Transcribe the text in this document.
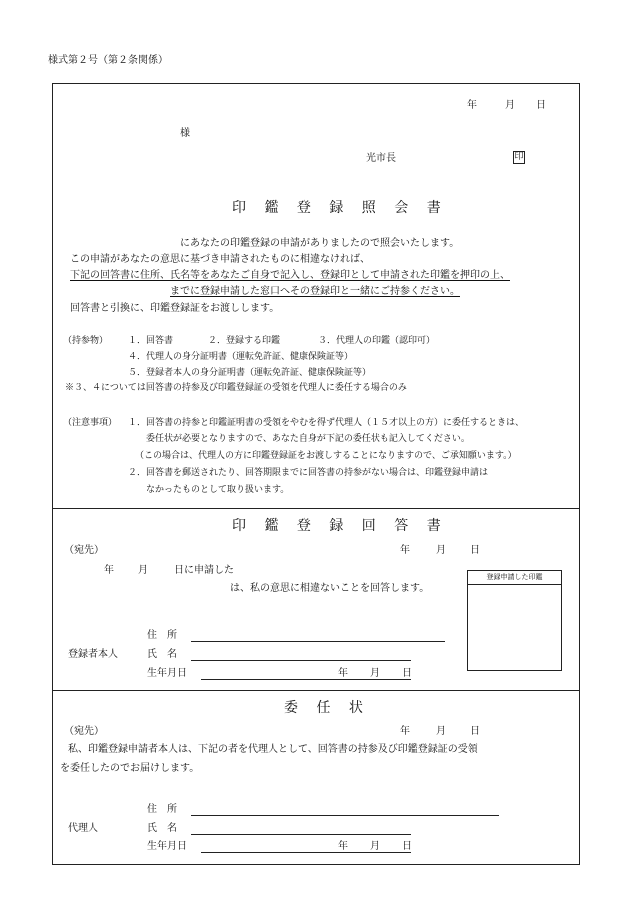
様式第２号（第２条関係）
年	月 日
様
光市長	印
印 鑑 登 録 照 会 書
にあなたの印鑑登録の申請がありましたので照会いたします。
この申請があなたの意思に基づき申請されたものに相違なければ、
下記の回答書に住所、氏名等をあなたご自身で記入し、登録印として申請された印鑑を押印の上、
までに登録申請した窓口へその登録印と一緒にご持参ください。
回答書と引換に、印鑑登録証をお渡しします。
（持参物） １．回答書	２．登録する印鑑	３．代理人の印鑑（認印可）
４．代理人の身分証明書（運転免許証、健康保険証等）
５．登録者本人の身分証明書（運転免許証、健康保険証等）
※３、４については回答書の持参及び印鑑登録証の受領を代理人に委任する場合のみ
（注意事項） １．回答書の持参と印鑑証明書の受領をやむを得ず代理人（１５才以上の方）に委任するときは、
委任状が必要となりますので、あなた自身が下記の委任状も記入してください。
（この場合は、代理人の方に印鑑登録証をお渡しすることになりますので、ご承知願います。）
２．回答書を郵送されたり、回答期限までに回答書の持参がない場合は、印鑑登録申請は
なかったものとして取り扱います。
印 鑑 登 録 回 答 書
（宛先）	年	月 日
年 月	日に申請した
は、私の意思に相違ないことを回答します。
登録申請した印鑑
住　所
登録者本人	氏　名
生年月日	年 月 日
委 任 状
（宛先）	年	月 日
私、印鑑登録申請者本人は、下記の者を代理人として、回答書の持参及び印鑑登録証の受領
を委任したのでお届けします。
住　所
代理人	氏　名
生年月日	年 月 日
